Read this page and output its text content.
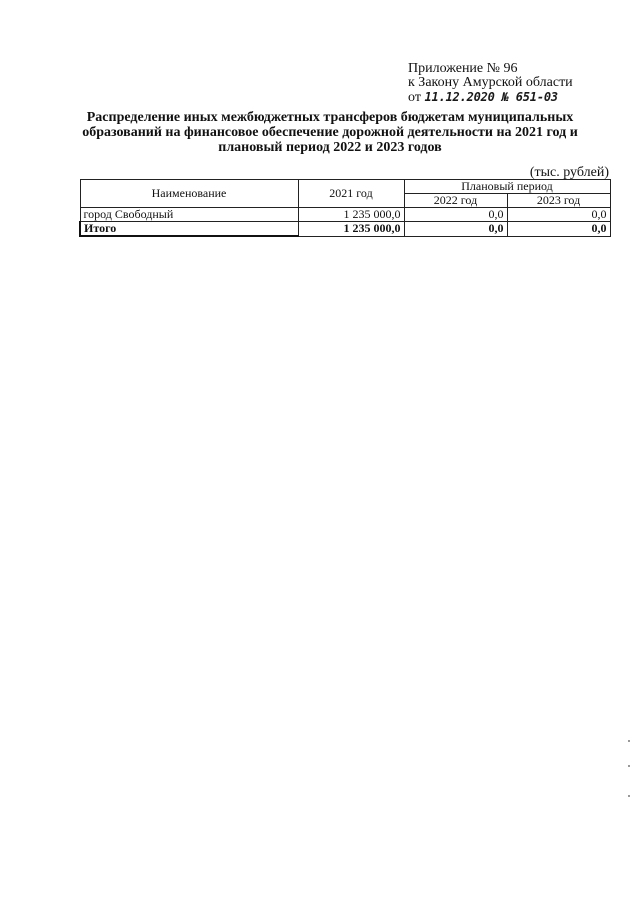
Приложение № 96
к Закону Амурской области
от 11.12.2020 № 651-03
Распределение иных межбюджетных трансферов бюджетам муниципальных образований на финансовое обеспечение дорожной деятельности на 2021 год и плановый период 2022 и 2023 годов
(тыс. рублей)
Наименование	2021 год	Плановый период	
		2022 год	2023 год
город Свободный	1 235 000,0	0,0	0,0
Итого	1 235 000,0	0,0	0,0
